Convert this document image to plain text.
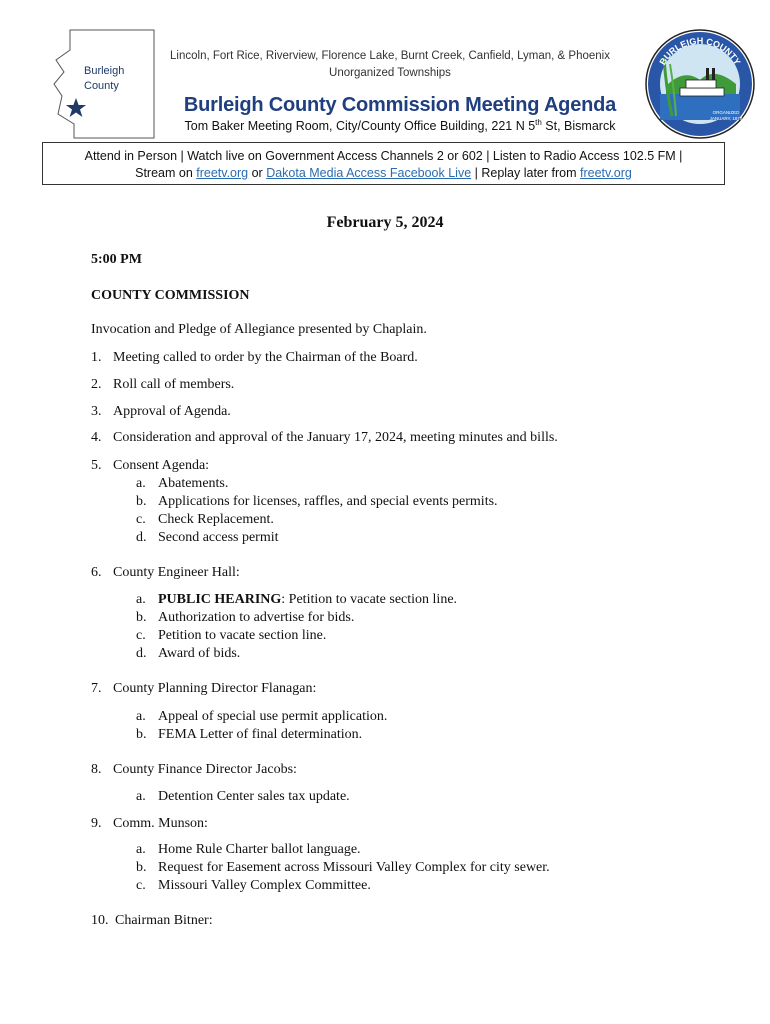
Burleigh
County
Lincoln, Fort Rice, Riverview, Florence Lake, Burnt Creek, Canfield, Lyman, & Phoenix
Unorganized Townships
Burleigh County Commission Meeting Agenda
Tom Baker Meeting Room, City/County Office Building, 221 N 5th St, Bismarck
BURLEIGH COUNTY
ORGANIZED
JANUARY, 1873
Attend in Person | Watch live on Government Access Channels 2 or 602 | Listen to Radio Access 102.5 FM |
Stream on freetv.org or Dakota Media Access Facebook Live | Replay later from freetv.org
February 5, 2024
5:00 PM
COUNTY COMMISSION
Invocation and Pledge of Allegiance presented by Chaplain.
1. Meeting called to order by the Chairman of the Board.
2. Roll call of members.
3. Approval of Agenda.
4. Consideration and approval of the January 17, 2024, meeting minutes and bills.
5. Consent Agenda:
a. Abatements.
b. Applications for licenses, raffles, and special events permits.
c. Check Replacement.
d. Second access permit
6. County Engineer Hall:
a. PUBLIC HEARING: Petition to vacate section line.
b. Authorization to advertise for bids.
c. Petition to vacate section line.
d. Award of bids.
7. County Planning Director Flanagan:
a. Appeal of special use permit application.
b. FEMA Letter of final determination.
8. County Finance Director Jacobs:
a. Detention Center sales tax update.
9. Comm. Munson:
a. Home Rule Charter ballot language.
b. Request for Easement across Missouri Valley Complex for city sewer.
c. Missouri Valley Complex Committee.
10. Chairman Bitner:
